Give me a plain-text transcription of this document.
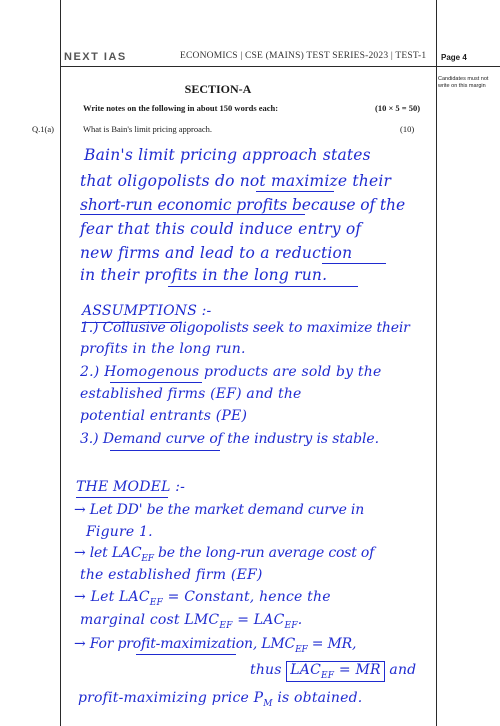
NEXT IAS	ECONOMICS | CSE (MAINS) TEST SERIES-2023 | TEST-1 Page 4
Candidates must not write on this margin
SECTION-A
Write notes on the following in about 150 words each:	(10 × 5 = 50)
Q.1(a)	What is Bain's limit pricing approach.	(10)
Bain's limit pricing approach states
that oligopolists do not maximize their
short-run economic profits because of the
fear that this could induce entry of
new firms and lead to a reduction
in their profits in the long run.
ASSUMPTIONS :-
1.) Collusive oligopolists seek to maximize their
profits in the long run.
2.) Homogenous products are sold by the
established firms (EF) and the
potential entrants (PE)
3.) Demand curve of the industry is stable.
THE MODEL :-
→ Let DD' be the market demand curve in
Figure 1.
→ let $LAC_{EF}$ be the long-run average cost of
the established firm (EF)
→ Let $LAC_{EF}$ = Constant, hence the
marginal cost $LMC_{EF} = LAC_{EF}$.
→ For profit-maximization, $LMC_{EF}$ = MR,
thus $LAC_{EF}$ = MR and
profit-maximizing price $P_M$ is obtained.
